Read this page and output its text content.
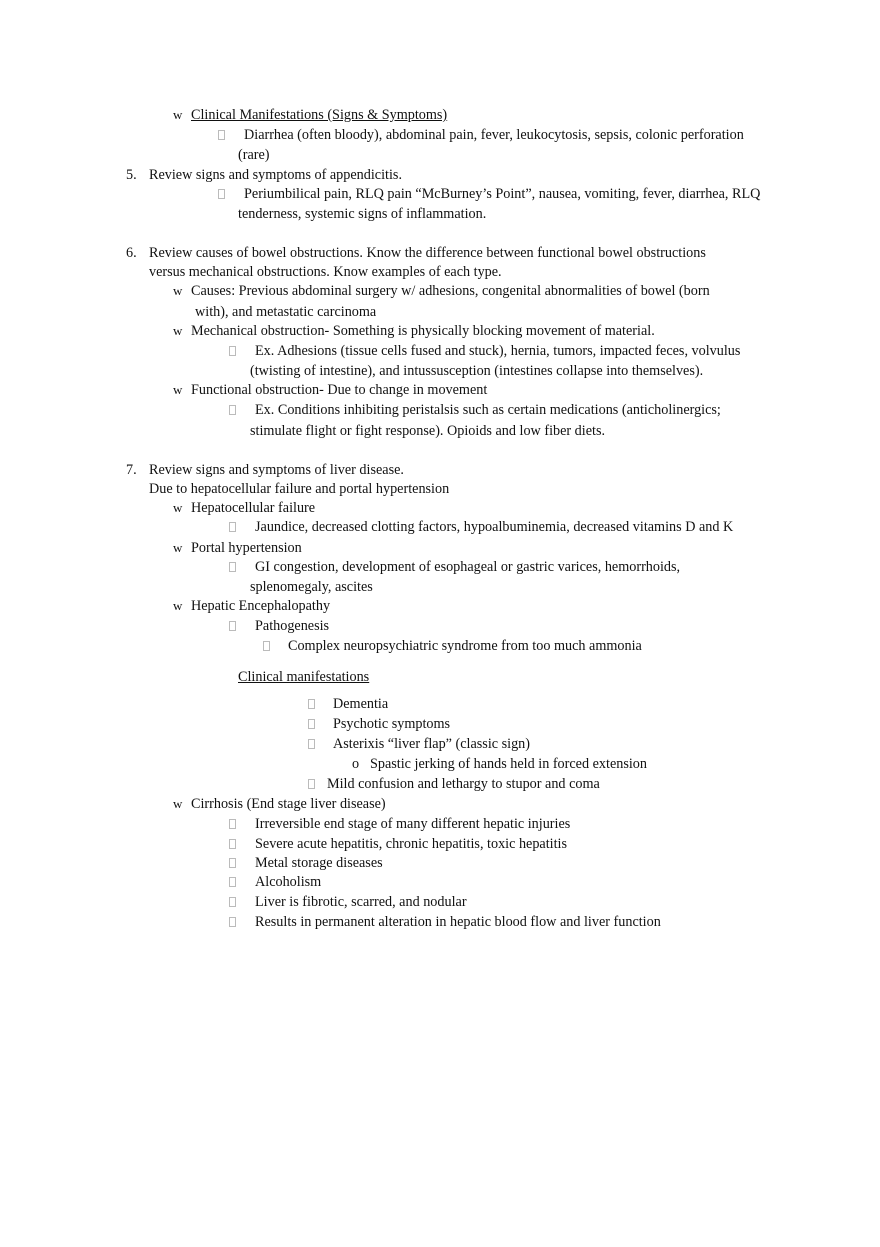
w Clinical Manifestations (Signs & Symptoms)
Diarrhea (often bloody), abdominal pain, fever, leukocytosis, sepsis, colonic perforation
(rare)
5. Review signs and symptoms of appendicitis.
Periumbilical pain, RLQ pain “McBurney’s Point”, nausea, vomiting, fever, diarrhea, RLQ
tenderness, systemic signs of inflammation.
6. Review causes of bowel obstructions. Know the difference between functional bowel obstructions
versus mechanical obstructions. Know examples of each type.
w Causes: Previous abdominal surgery w/ adhesions, congenital abnormalities of bowel (born
with), and metastatic carcinoma
w Mechanical obstruction- Something is physically blocking movement of material.
Ex. Adhesions (tissue cells fused and stuck), hernia, tumors, impacted feces, volvulus
(twisting of intestine), and intussusception (intestines collapse into themselves).
w Functional obstruction- Due to change in movement
Ex. Conditions inhibiting peristalsis such as certain medications (anticholinergics;
stimulate flight or fight response). Opioids and low fiber diets.
7. Review signs and symptoms of liver disease.
Due to hepatocellular failure and portal hypertension
w Hepatocellular failure
Jaundice, decreased clotting factors, hypoalbuminemia, decreased vitamins D and K
w Portal hypertension
GI congestion, development of esophageal or gastric varices, hemorrhoids,
splenomegaly, ascites
w Hepatic Encephalopathy
Pathogenesis
Complex neuropsychiatric syndrome from too much ammonia
Clinical manifestations
Dementia
Psychotic symptoms
Asterixis “liver flap” (classic sign)
o Spastic jerking of hands held in forced extension
Mild confusion and lethargy to stupor and coma
w Cirrhosis (End stage liver disease)
Irreversible end stage of many different hepatic injuries
Severe acute hepatitis, chronic hepatitis, toxic hepatitis
Metal storage diseases
Alcoholism
Liver is fibrotic, scarred, and nodular
Results in permanent alteration in hepatic blood flow and liver function
